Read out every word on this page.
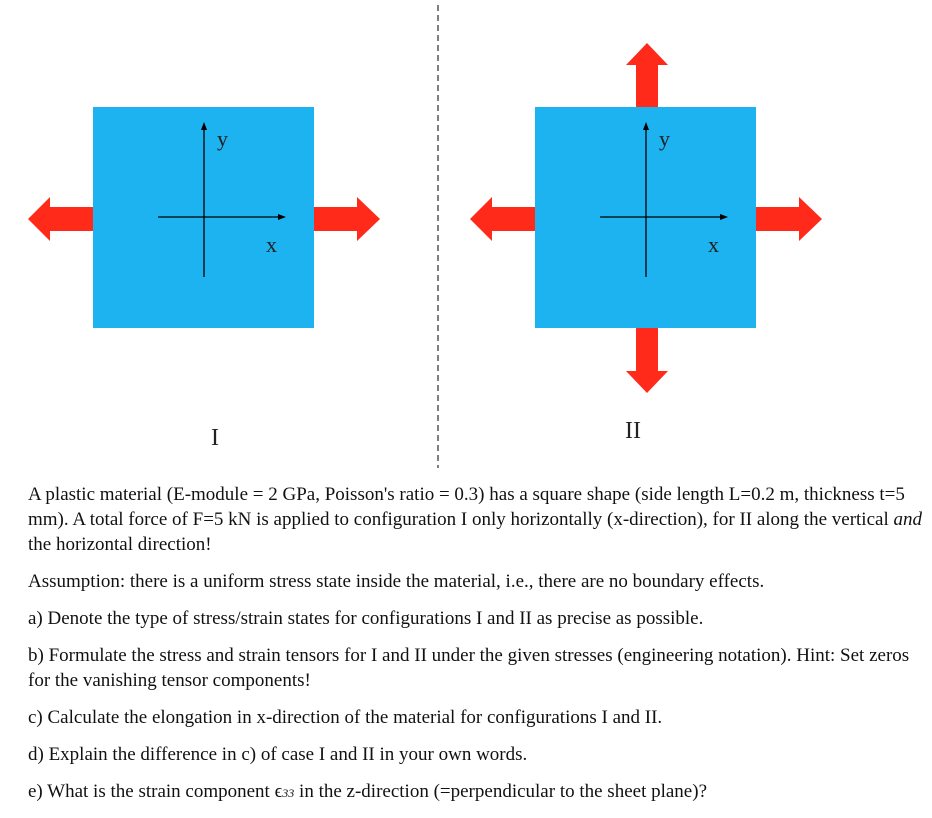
y
x
I
y
x
II

A plastic material (E-module = 2 GPa, Poisson's ratio = 0.3) has a square shape (side length L=0.2 m, thickness t=5 mm). A total force of F=5 kN is applied to configuration I only horizontally (x-direction), for II along the vertical and the horizontal direction!

Assumption: there is a uniform stress state inside the material, i.e., there are no boundary effects.

a) Denote the type of stress/strain states for configurations I and II as precise as possible.

b) Formulate the stress and strain tensors for I and II under the given stresses (engineering notation). Hint: Set zeros for the vanishing tensor components!

c) Calculate the elongation in x-direction of the material for configurations I and II.

d) Explain the difference in c) of case I and II in your own words.

e) What is the strain component ϵ33 in the z-direction (=perpendicular to the sheet plane)?
